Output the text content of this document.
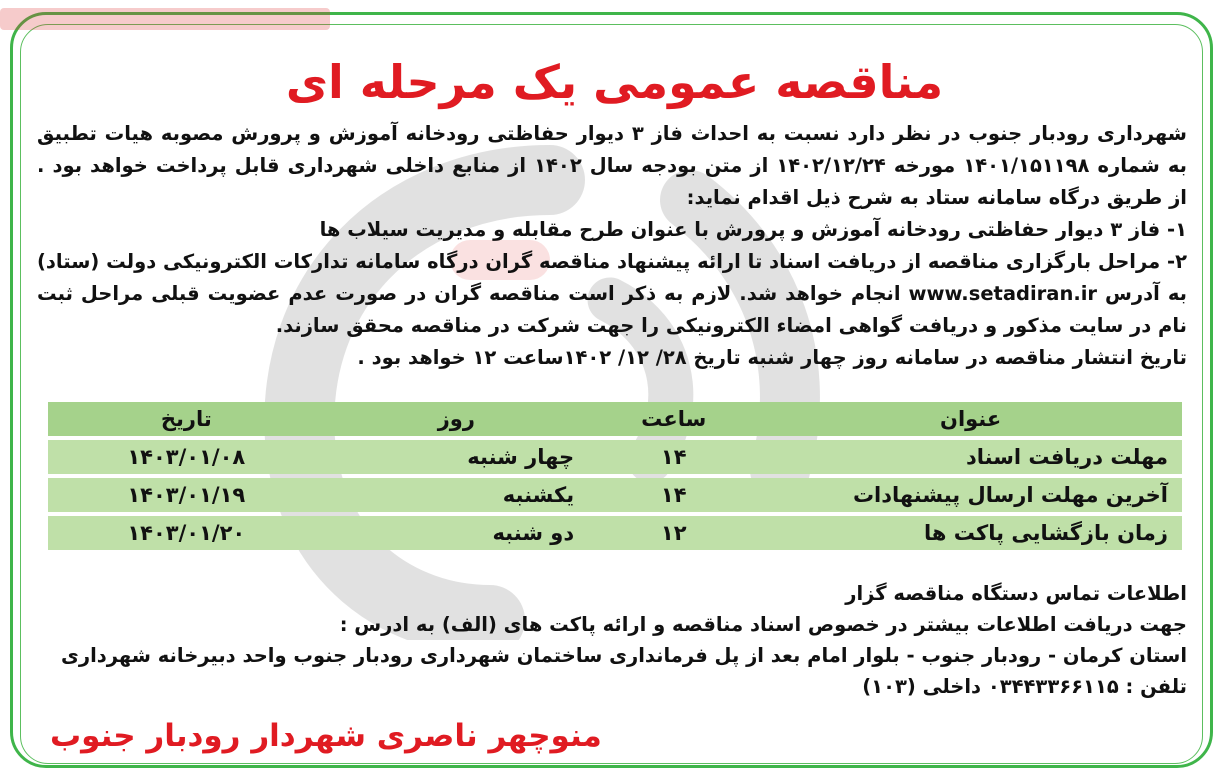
مناقصه عمومی یک مرحله ای

شهرداری رودبار جنوب در نظر دارد نسبت به احداث فاز ۳ دیوار حفاظتی رودخانه آموزش و پرورش مصوبه هیات تطبیق به شماره ۱۴۰۱/۱۵۱۱۹۸ مورخه ۱۴۰۲/۱۲/۲۴ از متن بودجه سال ۱۴۰۲ از منابع داخلی شهرداری قابل پرداخت خواهد بود . از طریق درگاه سامانه ستاد به شرح ذیل اقدام نماید:

۱- فاز ۳ دیوار حفاظتی رودخانه آموزش و پرورش با عنوان طرح مقابله و مدیریت سیلاب ها

۲- مراحل بارگزاری مناقصه از دریافت اسناد تا ارائه پیشنهاد مناقصه گران درگاه سامانه تدارکات الکترونیکی دولت (ستاد) به آدرس www.setadiran.ir انجام خواهد شد. لازم به ذکر است مناقصه گران در صورت عدم عضویت قبلی مراحل ثبت نام در سایت مذکور و دریافت گواهی امضاء الکترونیکی را جهت شرکت در مناقصه محقق سازند.

تاریخ انتشار مناقصه در سامانه روز چهار شنبه تاریخ ۲۸/ ۱۲/ ۱۴۰۲ساعت ۱۲ خواهد بود .

عنوان	ساعت	روز	تاریخ
مهلت دریافت اسناد	۱۴	چهار شنبه	۱۴۰۳/۰۱/۰۸
آخرین مهلت ارسال پیشنهادات	۱۴	یکشنبه	۱۴۰۳/۰۱/۱۹
زمان بازگشایی پاکت ها	۱۲	دو شنبه	۱۴۰۳/۰۱/۲۰

اطلاعات تماس دستگاه مناقصه گزار

جهت دریافت اطلاعات بیشتر در خصوص اسناد مناقصه و ارائه پاکت های (الف) به ادرس :

استان کرمان - رودبار جنوب - بلوار امام بعد از پل فرمانداری ساختمان شهرداری رودبار جنوب واحد دبیرخانه شهرداری تلفن : ۰۳۴۴۳۳۶۶۱۱۵ داخلی (۱۰۳)

منوچهر ناصری شهردار رودبار جنوب
